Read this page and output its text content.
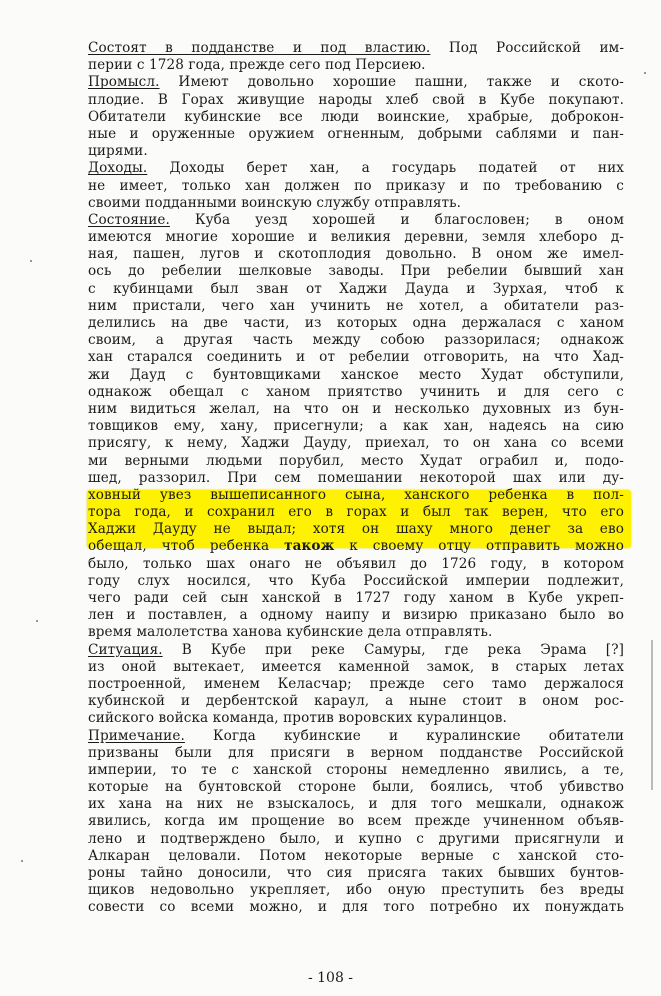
Состоят в подданстве и под властию. Под Российской им-
перии с 1728 года, прежде сего под Персиею.
Промысл. Имеют довольно хорошие пашни, также и ското-
плодие. В Горах живущие народы хлеб свой в Кубе покупают.
Обитатели кубинские все люди воинские, храбрые, доброкон-
ные и оруженные оружием огненным, добрыми саблями и пан-
цирями.
Доходы. Доходы берет хан, а государь податей от них
не имеет, только хан должен по приказу и по требованию с
своими подданными воинскую службу отправлять.
Состояние. Куба уезд хорошей и благословен; в оном
имеются многие хорошие и великия деревни, земля хлеборо д-
ная, пашен, лугов и скотоплодия довольно. В оном же имел-
ось до ребелии шелковые заводы. При ребелии бывший хан
с кубинцами был зван от Хаджи Дауда и Зурхая, чтоб к
ним пристали, чего хан учинить не хотел, а обитатели раз-
делились на две части, из которых одна держалася с ханом
своим, а другая часть между собою раззорилася; однакож
хан старался соединить и от ребелии отговорить, на что Хад-
жи Дауд с бунтовщиками ханское место Худат обступили,
однакож обещал с ханом приятство учинить и для сего с
ним видиться желал, на что он и несколько духовных из бун-
товщиков ему, хану, присегнули; а как хан, надеясь на сию
присягу, к нему, Хаджи Дауду, приехал, то он хана со всеми
ми верными людьми порубил, место Худат ограбил и, подо-
шед, раззорил. При сем помешании некоторой шах или ду-
ховный увез вышеписанного сына, ханского ребенка в пол-
тора года, и сохранил его в горах и был так верен, что его
Хаджи Дауду не выдал; хотя он шаху много денег за ево
обещал, чтоб ребенка також к своему отцу отправить можно
было, только шах онаго не объявил до 1726 году, в котором
году слух носился, что Куба Российской империи подлежит,
чего ради сей сын ханской в 1727 году ханом в Кубе укреп-
лен и поставлен, а одному наипу и визирю приказано было во
время малолетства ханова кубинские дела отправлять.
Ситуация. В Кубе при реке Самуры, где река Эрама [?]
из оной вытекает, имеется каменной замок, в старых летах
построенной, именем Келасчар; прежде сего тамо держалося
кубинской и дербентской караул, а ныне стоит в оном рос-
сийского войска команда, против воровских куралинцов.
Примечание. Когда кубинские и куралинские обитатели
призваны были для присяги в верном подданстве Российской
империи, то те с ханской стороны немедленно явились, а те,
которые на бунтовской стороне были, боялись, чтоб убивство
их хана на них не взыскалось, и для того мешкали, однакож
явились, когда им прощение во всем прежде учиненном объяв-
лено и подтверждено было, и купно с другими присягнули и
Алкаран целовали. Потом некоторые верные с ханской сто-
роны тайно доносили, что сия присяга таких бывших бунтов-
щиков недовольно укрепляет, ибо оную преступить без вреды
совести со всеми можно, и для того потребно их понуждать
- 108 -
